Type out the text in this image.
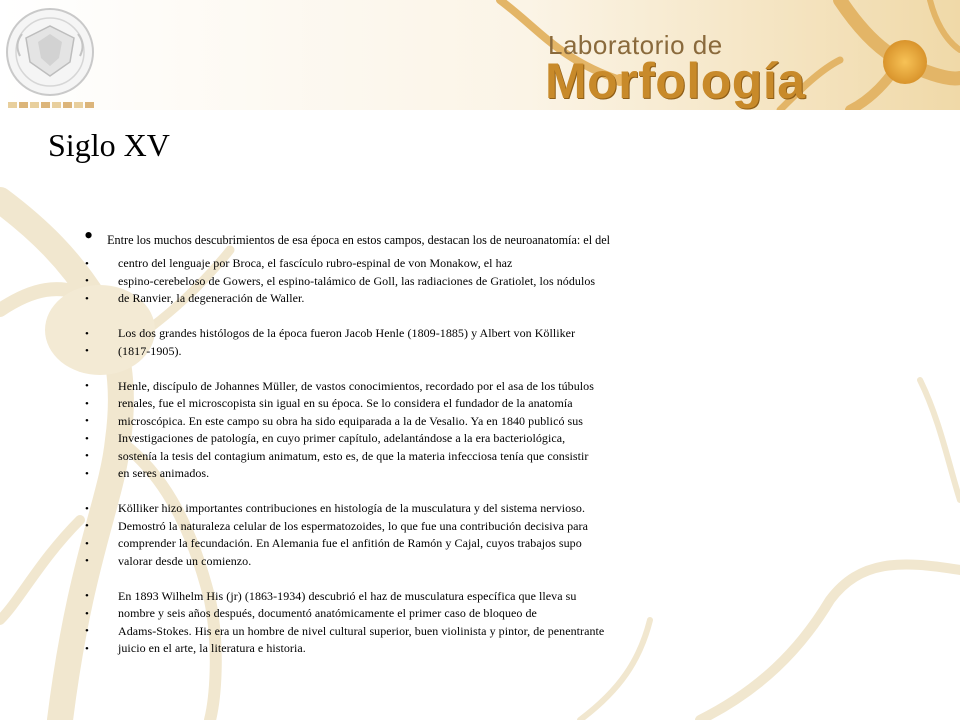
Laboratorio de
Morfología
Siglo XV
• Entre los muchos descubrimientos de esa época en estos campos, destacan los de neuroanatomía: el del
•	centro del lenguaje por Broca, el fascículo rubro-espinal de von Monakow, el haz
•	espino-cerebeloso de Gowers, el espino-talámico de Goll, las radiaciones de Gratiolet, los nódulos
•	de Ranvier, la degeneración de Waller.
•	Los dos grandes histólogos de la época fueron Jacob Henle (1809-1885) y Albert von Kölliker
•	(1817-1905).
•	Henle, discípulo de Johannes Müller, de vastos conocimientos, recordado por el asa de los túbulos
•	renales, fue el microscopista sin igual en su época. Se lo considera el fundador de la anatomía
•	microscópica. En este campo su obra ha sido equiparada a la de Vesalio. Ya en 1840 publicó sus
•	Investigaciones de patología, en cuyo primer capítulo, adelantándose a la era bacteriológica,
•	sostenía la tesis del contagium animatum, esto es, de que la materia infecciosa tenía que consistir
•	en seres animados.
•	Kölliker hizo importantes contribuciones en histología de la musculatura y del sistema nervioso.
•	Demostró la naturaleza celular de los espermatozoides, lo que fue una contribución decisiva para
•	comprender la fecundación. En Alemania fue el anfitión de Ramón y Cajal, cuyos trabajos supo
•	valorar desde un comienzo.
•	En 1893 Wilhelm His (jr) (1863-1934) descubrió el haz de musculatura específica que lleva su
•	nombre y seis años después, documentó anatómicamente el primer caso de bloqueo de
•	Adams-Stokes. His era un hombre de nivel cultural superior, buen violinista y pintor, de penentrante
•	juicio en el arte, la literatura e historia.
